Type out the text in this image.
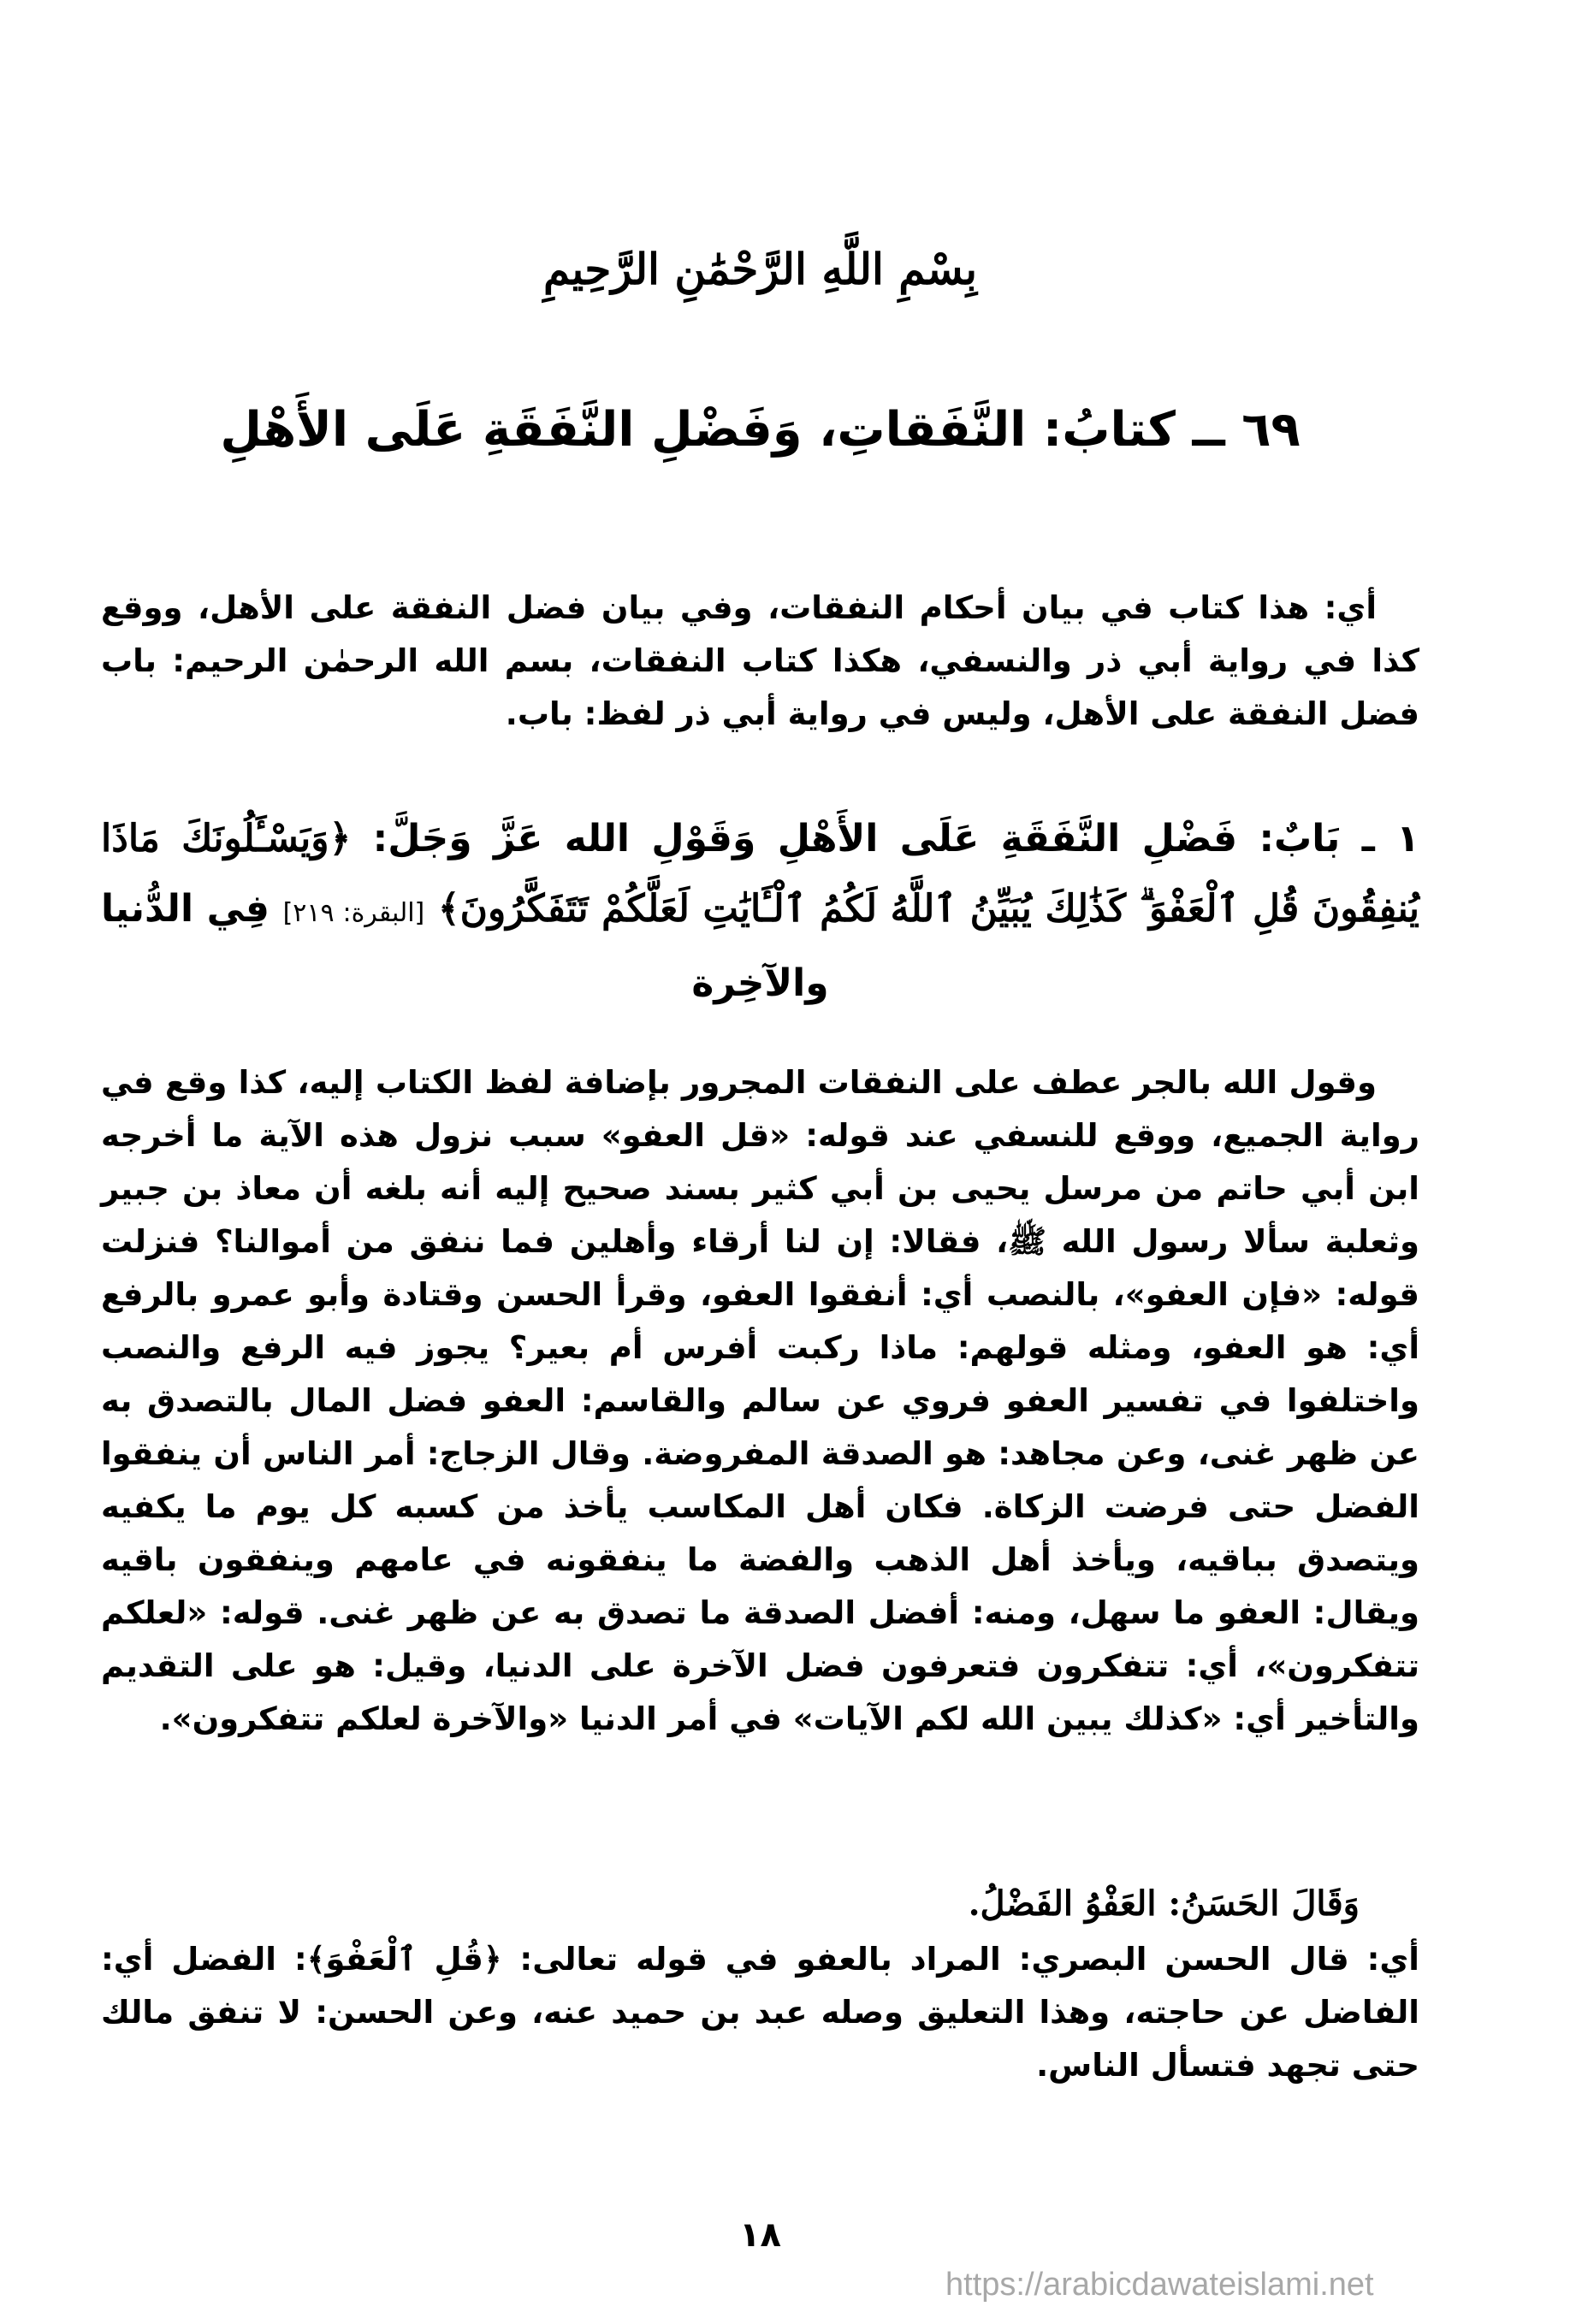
بِسْمِ اللَّهِ الرَّحْمَٰنِ الرَّحِيمِ
٦٩ ــ كتابُ: النَّفَقاتِ، وَفَضْلِ النَّفَقَةِ عَلَى الأَهْلِ

أي: هذا كتاب في بيان أحكام النفقات، وفي بيان فضل النفقة على الأهل، ووقع كذا في رواية أبي ذر والنسفي، هكذا كتاب النفقات، بسم الله الرحمٰن الرحيم: باب فضل النفقة على الأهل، وليس في رواية أبي ذر لفظ: باب.

١ ـ بَابٌ: فَضْلِ النَّفَقَةِ عَلَى الأَهْلِ وَقَوْلِ الله عَزَّ وَجَلَّ: ﴿وَيَسْـَٔلُونَكَ مَاذَا يُنفِقُونَ قُلِ ٱلْعَفْوَ ۗ كَذَٰلِكَ يُبَيِّنُ ٱللَّهُ لَكُمُ ٱلْـَٔايَٰتِ لَعَلَّكُمْ تَتَفَكَّرُونَ﴾ [البقرة: ٢١٩] فِي الدُّنيا والآخِرة

وقول الله بالجر عطف على النفقات المجرور بإضافة لفظ الكتاب إليه، كذا وقع في رواية الجميع، ووقع للنسفي عند قوله: «قل العفو» سبب نزول هذه الآية ما أخرجه ابن أبي حاتم من مرسل يحيى بن أبي كثير بسند صحيح إليه أنه بلغه أن معاذ بن جبير وثعلبة سألا رسول الله ﷺ، فقالا: إن لنا أرقاء وأهلين فما ننفق من أموالنا؟ فنزلت قوله: «فإن العفو»، بالنصب أي: أنفقوا العفو، وقرأ الحسن وقتادة وأبو عمرو بالرفع أي: هو العفو، ومثله قولهم: ماذا ركبت أفرس أم بعير؟ يجوز فيه الرفع والنصب واختلفوا في تفسير العفو فروي عن سالم والقاسم: العفو فضل المال بالتصدق به عن ظهر غنى، وعن مجاهد: هو الصدقة المفروضة. وقال الزجاج: أمر الناس أن ينفقوا الفضل حتى فرضت الزكاة. فكان أهل المكاسب يأخذ من كسبه كل يوم ما يكفيه ويتصدق بباقيه، ويأخذ أهل الذهب والفضة ما ينفقونه في عامهم وينفقون باقيه ويقال: العفو ما سهل، ومنه: أفضل الصدقة ما تصدق به عن ظهر غنى. قوله: «لعلكم تتفكرون»، أي: تتفكرون فتعرفون فضل الآخرة على الدنيا، وقيل: هو على التقديم والتأخير أي: «كذلك يبين الله لكم الآيات» في أمر الدنيا «والآخرة لعلكم تتفكرون».

وَقَالَ الحَسَنُ: العَفْوُ الفَضْلُ.

أي: قال الحسن البصري: المراد بالعفو في قوله تعالى: ﴿قُلِ ٱلْعَفْوَ﴾: الفضل أي: الفاضل عن حاجته، وهذا التعليق وصله عبد بن حميد عنه، وعن الحسن: لا تنفق مالك حتى تجهد فتسأل الناس.

١٨
https://arabicdawateislami.net
